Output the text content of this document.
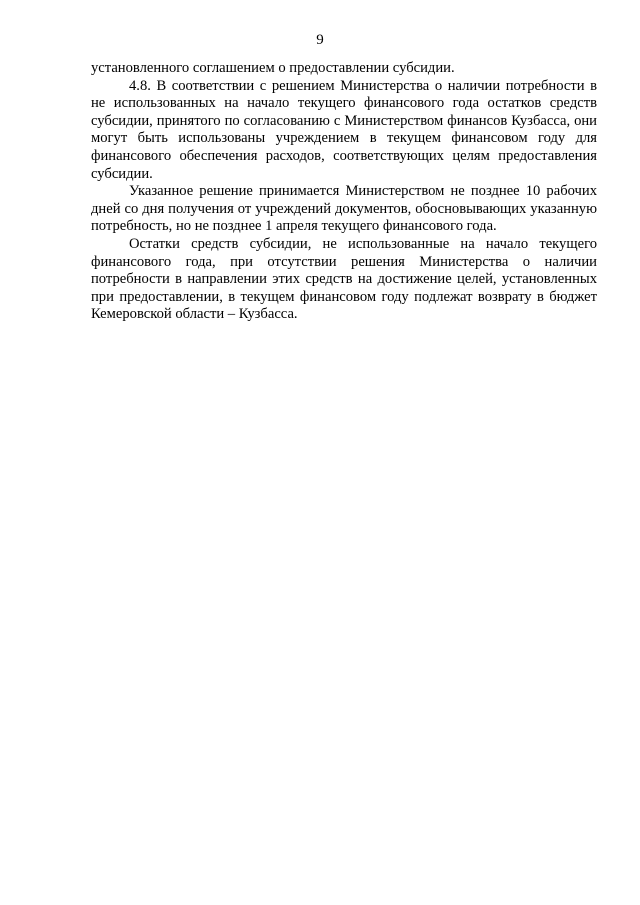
9

установленного соглашением о предоставлении субсидии.

4.8. В соответствии с решением Министерства о наличии потребности в не использованных на начало текущего финансового года остатков средств субсидии, принятого по согласованию с Министерством финансов Кузбасса, они могут быть использованы учреждением в текущем финансовом году для финансового обеспечения расходов, соответствующих целям предоставления субсидии.

Указанное решение принимается Министерством не позднее 10 рабочих дней со дня получения от учреждений документов, обосновывающих указанную потребность, но не позднее 1 апреля текущего финансового года.

Остатки средств субсидии, не использованные на начало текущего финансового года, при отсутствии решения Министерства о наличии потребности в направлении этих средств на достижение целей, установленных при предоставлении, в текущем финансовом году подлежат возврату в бюджет Кемеровской области – Кузбасса.
